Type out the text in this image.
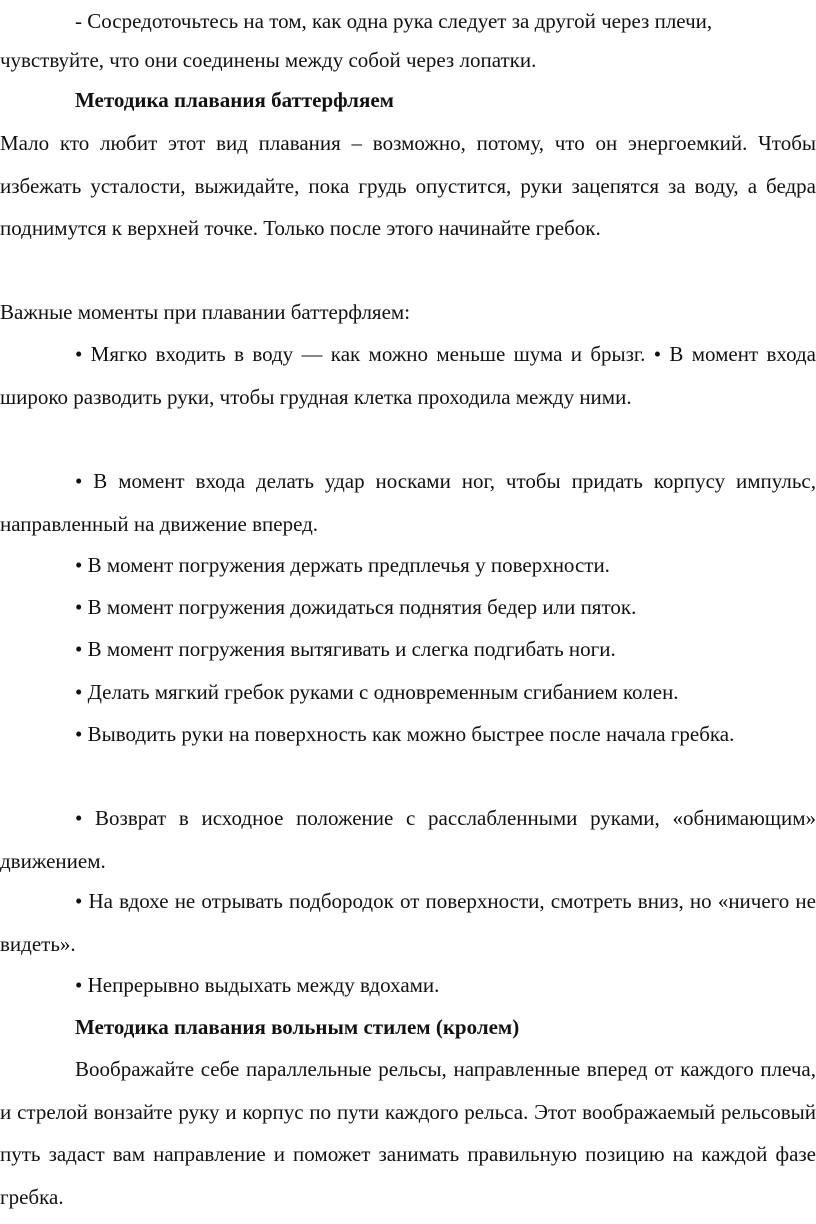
- Сосредоточьтесь на том, как одна рука следует за другой через плечи,

чувствуйте, что они соединены между собой через лопатки.

Методика плавания баттерфляем

Мало кто любит этот вид плавания – возможно, потому, что он энергоемкий. Чтобы избежать усталости, выжидайте, пока грудь опустится, руки зацепятся за воду, а бедра поднимутся к верхней точке. Только после этого начинайте гребок.

Важные моменты при плавании баттерфляем:

• Мягко входить в воду — как можно меньше шума и брызг. • В момент входа широко разводить руки, чтобы грудная клетка проходила между ними.

• В момент входа делать удар носками ног, чтобы придать корпусу импульс, направленный на движение вперед.

• В момент погружения держать предплечья у поверхности.

• В момент погружения дожидаться поднятия бедер или пяток.

• В момент погружения вытягивать и слегка подгибать ноги.

• Делать мягкий гребок руками с одновременным сгибанием колен.

• Выводить руки на поверхность как можно быстрее после начала гребка.

• Возврат в исходное положение с расслабленными руками, «обнимающим» движением.

• На вдохе не отрывать подбородок от поверхности, смотреть вниз, но «ничего не видеть».

• Непрерывно выдыхать между вдохами.

Методика плавания вольным стилем (кролем)

Воображайте себе параллельные рельсы, направленные вперед от каждого плеча, и стрелой вонзайте руку и корпус по пути каждого рельса. Этот воображаемый рельсовый путь задаст вам направление и поможет занимать правильную позицию на каждой фазе гребка.
